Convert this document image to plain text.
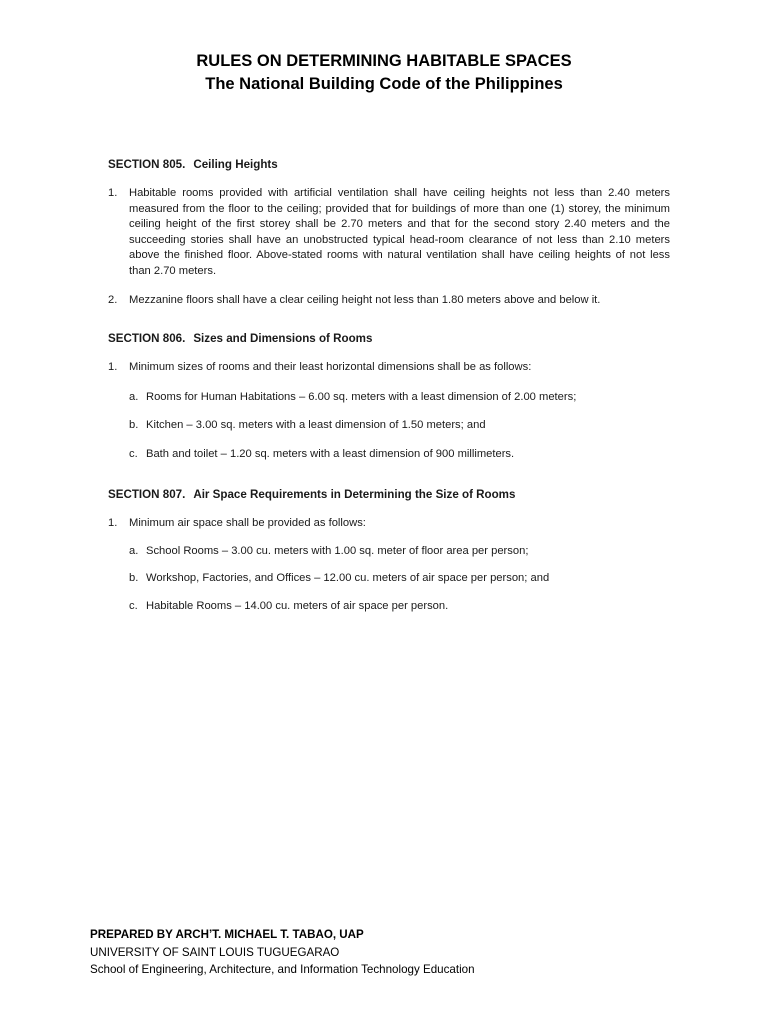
RULES ON DETERMINING HABITABLE SPACES
The National Building Code of the Philippines
SECTION 805. Ceiling Heights
1.	Habitable rooms provided with artificial ventilation shall have ceiling heights not less than 2.40 meters measured from the floor to the ceiling; provided that for buildings of more than one (1) storey, the minimum ceiling height of the first storey shall be 2.70 meters and that for the second story 2.40 meters and the succeeding stories shall have an unobstructed typical head-room clearance of not less than 2.10 meters above the finished floor. Above-stated rooms with natural ventilation shall have ceiling heights of not less than 2.70 meters.
2.	Mezzanine floors shall have a clear ceiling height not less than 1.80 meters above and below it.
SECTION 806. Sizes and Dimensions of Rooms
1.	Minimum sizes of rooms and their least horizontal dimensions shall be as follows:
a. Rooms for Human Habitations – 6.00 sq. meters with a least dimension of 2.00 meters;
b. Kitchen – 3.00 sq. meters with a least dimension of 1.50 meters; and
c. Bath and toilet – 1.20 sq. meters with a least dimension of 900 millimeters.
SECTION 807. Air Space Requirements in Determining the Size of Rooms
1.	Minimum air space shall be provided as follows:
a. School Rooms – 3.00 cu. meters with 1.00 sq. meter of floor area per person;
b. Workshop, Factories, and Offices – 12.00 cu. meters of air space per person; and
c. Habitable Rooms – 14.00 cu. meters of air space per person.
PREPARED BY ARCH’T. MICHAEL T. TABAO, UAP
UNIVERSITY OF SAINT LOUIS TUGUEGARAO
School of Engineering, Architecture, and Information Technology Education
